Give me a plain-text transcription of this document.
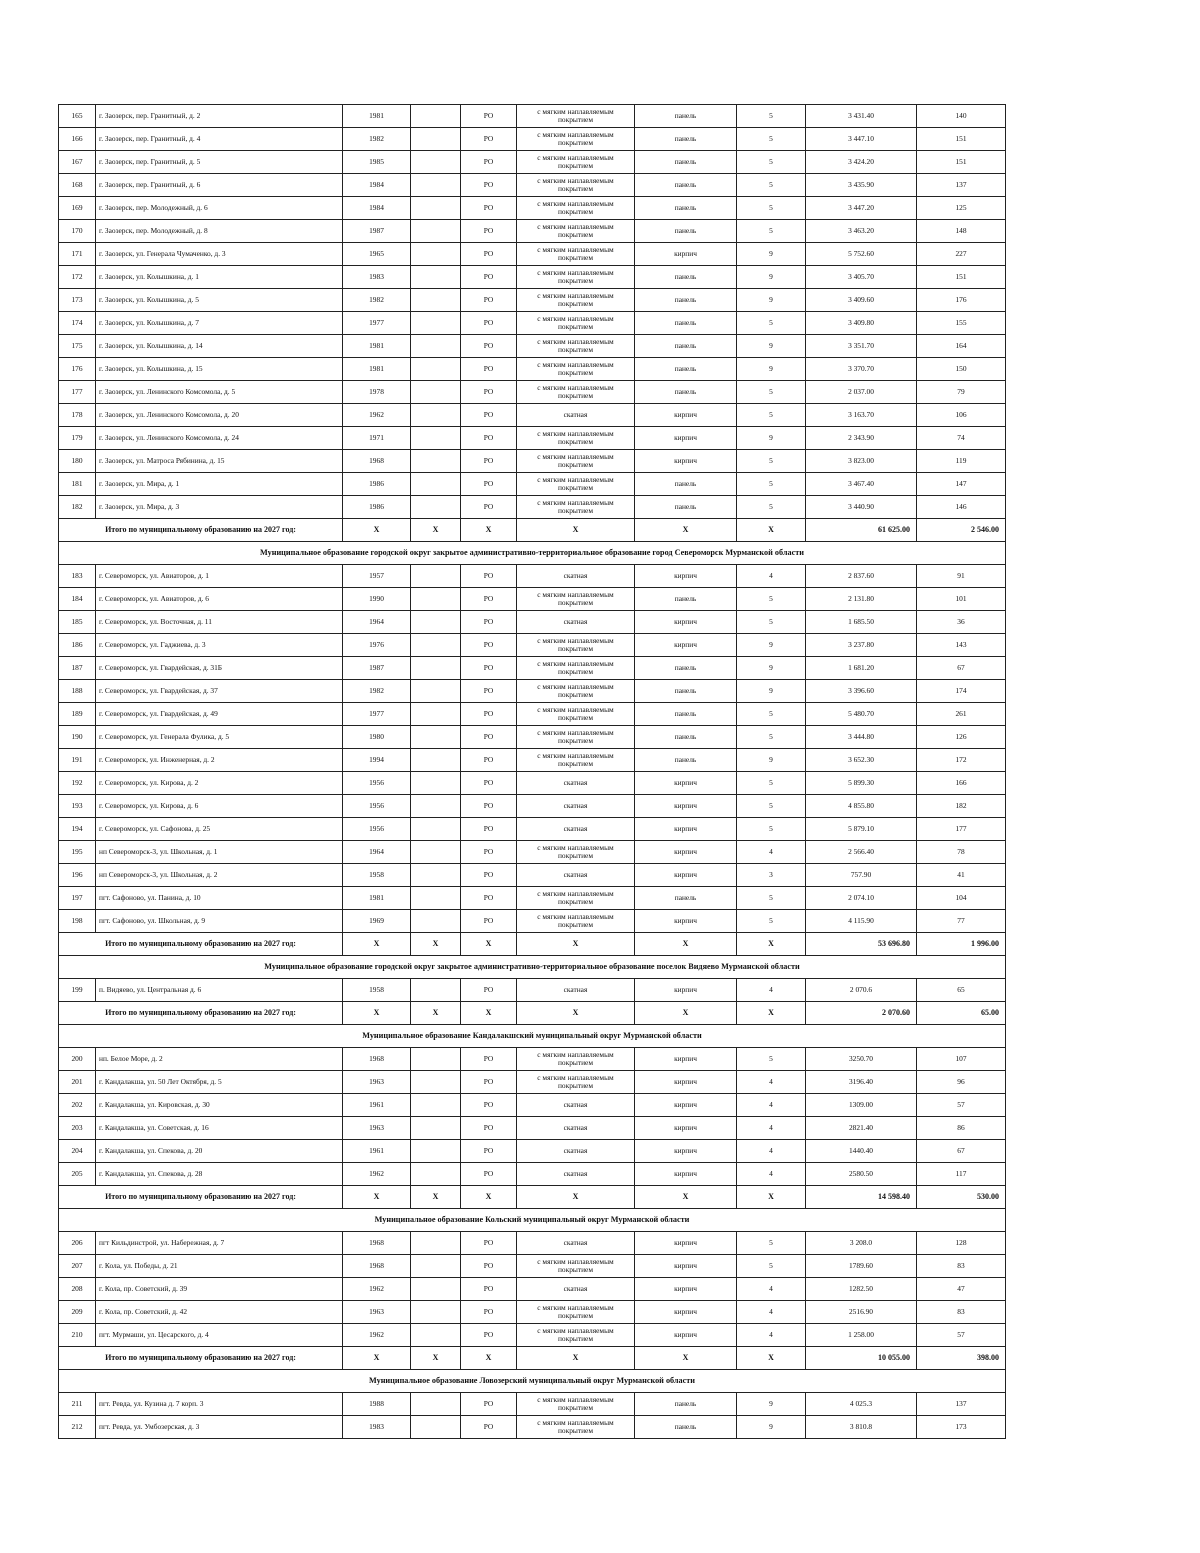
165	г. Заозерск, пер. Гранитный, д. 2	1981		РО	с мягким наплавляемым покрытием	панель	5	3 431.40	140
166	г. Заозерск, пер. Гранитный, д. 4	1982		РО	с мягким наплавляемым покрытием	панель	5	3 447.10	151
167	г. Заозерск, пер. Гранитный, д. 5	1985		РО	с мягким наплавляемым покрытием	панель	5	3 424.20	151
168	г. Заозерск, пер. Гранитный, д. 6	1984		РО	с мягким наплавляемым покрытием	панель	5	3 435.90	137
169	г. Заозерск, пер. Молодежный, д. 6	1984		РО	с мягким наплавляемым покрытием	панель	5	3 447.20	125
170	г. Заозерск, пер. Молодежный, д. 8	1987		РО	с мягким наплавляемым покрытием	панель	5	3 463.20	148
171	г. Заозерск, ул. Генерала Чумаченко, д. 3	1965		РО	с мягким наплавляемым покрытием	кирпич	9	5 752.60	227
172	г. Заозерск, ул. Колышкина, д. 1	1983		РО	с мягким наплавляемым покрытием	панель	9	3 405.70	151
173	г. Заозерск, ул. Колышкина, д. 5	1982		РО	с мягким наплавляемым покрытием	панель	9	3 409.60	176
174	г. Заозерск, ул. Колышкина, д. 7	1977		РО	с мягким наплавляемым покрытием	панель	5	3 409.80	155
175	г. Заозерск, ул. Колышкина, д. 14	1981		РО	с мягким наплавляемым покрытием	панель	9	3 351.70	164
176	г. Заозерск, ул. Колышкина, д. 15	1981		РО	с мягким наплавляемым покрытием	панель	9	3 370.70	150
177	г. Заозерск, ул. Ленинского Комсомола, д. 5	1978		РО	с мягким наплавляемым покрытием	панель	5	2 037.00	79
178	г. Заозерск, ул. Ленинского Комсомола, д. 20	1962		РО	скатная	кирпич	5	3 163.70	106
179	г. Заозерск, ул. Ленинского Комсомола, д. 24	1971		РО	с мягким наплавляемым покрытием	кирпич	9	2 343.90	74
180	г. Заозерск, ул. Матроса Рябинина, д. 15	1968		РО	с мягким наплавляемым покрытием	кирпич	5	3 823.00	119
181	г. Заозерск, ул. Мира, д. 1	1986		РО	с мягким наплавляемым покрытием	панель	5	3 467.40	147
182	г. Заозерск, ул. Мира, д. 3	1986		РО	с мягким наплавляемым покрытием	панель	5	3 440.90	146
Итого по муниципальному образованию на 2027 год:		X	X	X	X	X	X	61 625.00	2 546.00
Муниципальное образование городской округ закрытое административно-территориальное образование город Североморск Мурманской области									
183	г. Североморск, ул. Авиаторов, д. 1	1957		РО	скатная	кирпич	4	2 837.60	91
184	г. Североморск, ул. Авиаторов, д. 6	1990		РО	с мягким наплавляемым покрытием	панель	5	2 131.80	101
185	г. Североморск, ул. Восточная, д. 11	1964		РО	скатная	кирпич	5	1 685.50	36
186	г. Североморск, ул. Гаджиева, д. 3	1976		РО	с мягким наплавляемым покрытием	кирпич	9	3 237.80	143
187	г. Североморск, ул. Гвардейская, д. 31Б	1987		РО	с мягким наплавляемым покрытием	панель	9	1 681.20	67
188	г. Североморск, ул. Гвардейская, д. 37	1982		РО	с мягким наплавляемым покрытием	панель	9	3 396.60	174
189	г. Североморск, ул. Гвардейская, д. 49	1977		РО	с мягким наплавляемым покрытием	панель	5	5 480.70	261
190	г. Североморск, ул. Генерала Фулика, д. 5	1980		РО	с мягким наплавляемым покрытием	панель	5	3 444.80	126
191	г. Североморск, ул. Инженерная, д. 2	1994		РО	с мягким наплавляемым покрытием	панель	9	3 652.30	172
192	г. Североморск, ул. Кирова, д. 2	1956		РО	скатная	кирпич	5	5 899.30	166
193	г. Североморск, ул. Кирова, д. 6	1956		РО	скатная	кирпич	5	4 855.80	182
194	г. Североморск, ул. Сафонова, д. 25	1956		РО	скатная	кирпич	5	5 879.10	177
195	нп Североморск-3, ул. Школьная, д. 1	1964		РО	с мягким наплавляемым покрытием	кирпич	4	2 566.40	78
196	нп Североморск-3, ул. Школьная, д. 2	1958		РО	скатная	кирпич	3	757.90	41
197	пгт. Сафоново, ул. Панина, д. 10	1981		РО	с мягким наплавляемым покрытием	панель	5	2 074.10	104
198	пгт. Сафоново, ул. Школьная, д. 9	1969		РО	с мягким наплавляемым покрытием	кирпич	5	4 115.90	77
Итого по муниципальному образованию на 2027 год:		X	X	X	X	X	X	53 696.80	1 996.00
Муниципальное образование городской округ закрытое административно-территориальное образование поселок Видяево Мурманской области									
199	п. Видяево, ул. Центральная д. 6	1958		РО	скатная	кирпич	4	2 070.6	65
Итого по муниципальному образованию на 2027 год:		X	X	X	X	X	X	2 070.60	65.00
Муниципальное образование Кандалакшский муниципальный округ Мурманской области									
200	нп. Белое Море, д. 2	1968		РО	с мягким наплавляемым покрытием	кирпич	5	3250.70	107
201	г. Кандалакша, ул. 50 Лет Октября, д. 5	1963		РО	с мягким наплавляемым покрытием	кирпич	4	3196.40	96
202	г. Кандалакша, ул. Кировская, д. 30	1961		РО	скатная	кирпич	4	1309.00	57
203	г. Кандалакша, ул. Советская, д. 16	1963		РО	скатная	кирпич	4	2821.40	86
204	г. Кандалакша, ул. Спекова, д. 20	1961		РО	скатная	кирпич	4	1440.40	67
205	г. Кандалакша, ул. Спекова, д. 28	1962		РО	скатная	кирпич	4	2580.50	117
Итого по муниципальному образованию на 2027 год:		X	X	X	X	X	X	14 598.40	530.00
Муниципальное образование Кольский муниципальный округ Мурманской области									
206	пгт Кильдинстрой, ул. Набережная, д. 7	1968		РО	скатная	кирпич	5	3 208.0	128
207	г. Кола, ул. Победы, д. 21	1968		РО	с мягким наплавляемым покрытием	кирпич	5	1789.60	83
208	г. Кола, пр. Советский, д. 39	1962		РО	скатная	кирпич	4	1282.50	47
209	г. Кола, пр. Советский, д. 42	1963		РО	с мягким наплавляемым покрытием	кирпич	4	2516.90	83
210	пгт. Мурмаши, ул. Цесарского, д. 4	1962		РО	с мягким наплавляемым покрытием	кирпич	4	1 258.00	57
Итого по муниципальному образованию на 2027 год:		X	X	X	X	X	X	10 055.00	398.00
Муниципальное образование Ловозерский муниципальный округ Мурманской области									
211	пгт. Ревда, ул. Кузина д. 7 корп. 3	1988		РО	с мягким наплавляемым покрытием	панель	9	4 025.3	137
212	пгт. Ревда, ул. Умбозерская, д. 3	1983		РО	с мягким наплавляемым покрытием	панель	9	3 810.8	173
